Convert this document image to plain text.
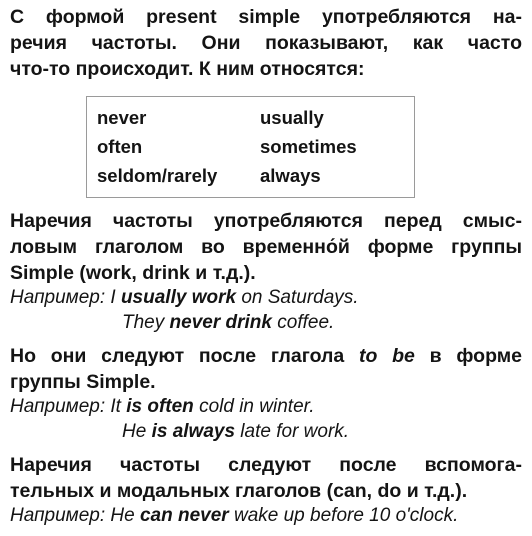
С формой present simple употребляются на-
речия частоты. Они показывают, как часто
что-то происходит. К ним относятся:
never	usually
often	sometimes
seldom/rarely	always
Наречия частоты употребляются перед смыс-
ловым глаголом во временно́й форме группы
Simple (work, drink и т.д.).
Например: I usually work on Saturdays.
They never drink coffee.
Но они следуют после глагола to be в форме
группы Simple.
Например: It is often cold in winter.
He is always late for work.
Наречия частоты следуют после вспомога-
тельных и модальных глаголов (can, do и т.д.).
Например: He can never wake up before 10 o'clock.
